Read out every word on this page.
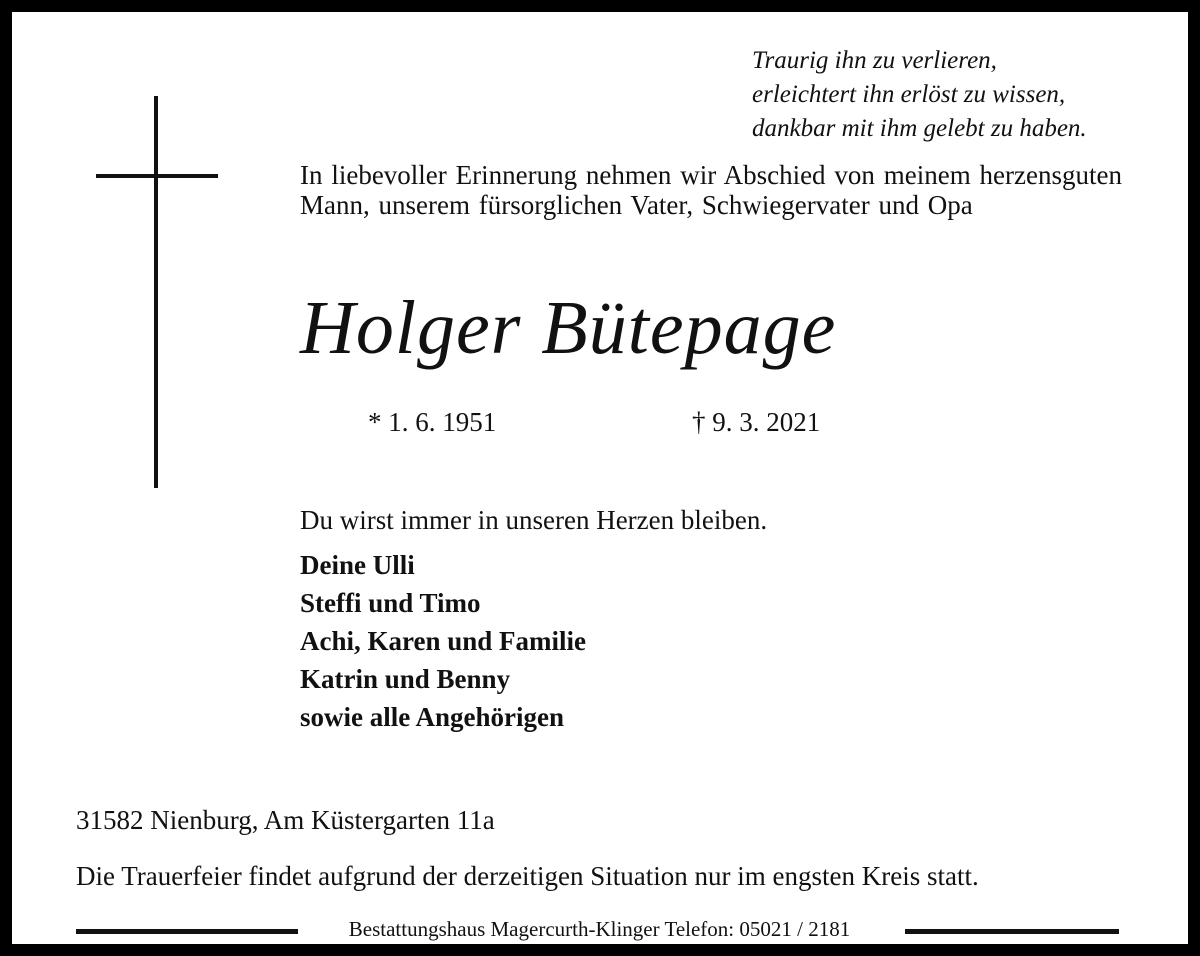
Traurig ihn zu verlieren,
erleichtert ihn erlöst zu wissen,
dankbar mit ihm gelebt zu haben.
In liebevoller Erinnerung nehmen wir Abschied von meinem herzensguten Mann, unserem fürsorglichen Vater, Schwiegervater und Opa
Holger Bütepage
* 1. 6. 1951	† 9. 3. 2021
Du wirst immer in unseren Herzen bleiben.
Deine Ulli
Steffi und Timo
Achi, Karen und Familie
Katrin und Benny
sowie alle Angehörigen
31582 Nienburg, Am Küstergarten 11a
Die Trauerfeier findet aufgrund der derzeitigen Situation nur im engsten Kreis statt.
Bestattungshaus Magercurth-Klinger Telefon: 05021 / 2181
